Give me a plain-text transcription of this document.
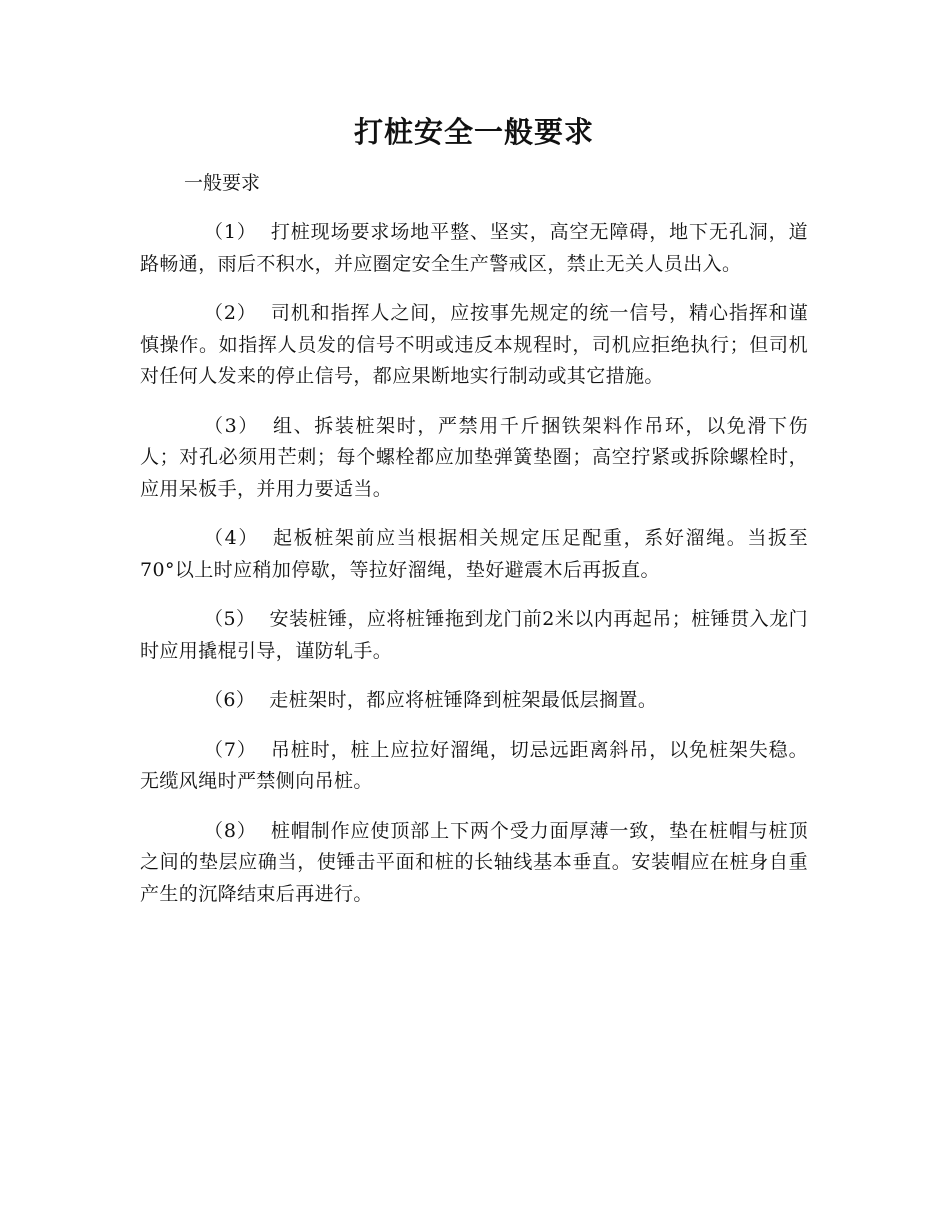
打桩安全一般要求
一般要求

（1） 打桩现场要求场地平整、坚实，高空无障碍，地下无孔洞，道路畅通，雨后不积水，并应圈定安全生产警戒区，禁止无关人员出入。

（2） 司机和指挥人之间，应按事先规定的统一信号，精心指挥和谨慎操作。如指挥人员发的信号不明或违反本规程时，司机应拒绝执行；但司机对任何人发来的停止信号，都应果断地实行制动或其它措施。

（3） 组、拆装桩架时，严禁用千斤捆铁架料作吊环，以免滑下伤人；对孔必须用芒刺；每个螺栓都应加垫弹簧垫圈；高空拧紧或拆除螺栓时，应用呆板手，并用力要适当。

（4） 起板桩架前应当根据相关规定压足配重，系好溜绳。当扳至70°以上时应稍加停歇，等拉好溜绳，垫好避震木后再扳直。

（5） 安装桩锤，应将桩锤拖到龙门前2米以内再起吊；桩锤贯入龙门时应用撬棍引导，谨防轧手。

（6） 走桩架时，都应将桩锤降到桩架最低层搁置。

（7） 吊桩时，桩上应拉好溜绳，切忌远距离斜吊，以免桩架失稳。无缆风绳时严禁侧向吊桩。

（8） 桩帽制作应使顶部上下两个受力面厚薄一致，垫在桩帽与桩顶之间的垫层应确当，使锤击平面和桩的长轴线基本垂直。安装帽应在桩身自重产生的沉降结束后再进行。
